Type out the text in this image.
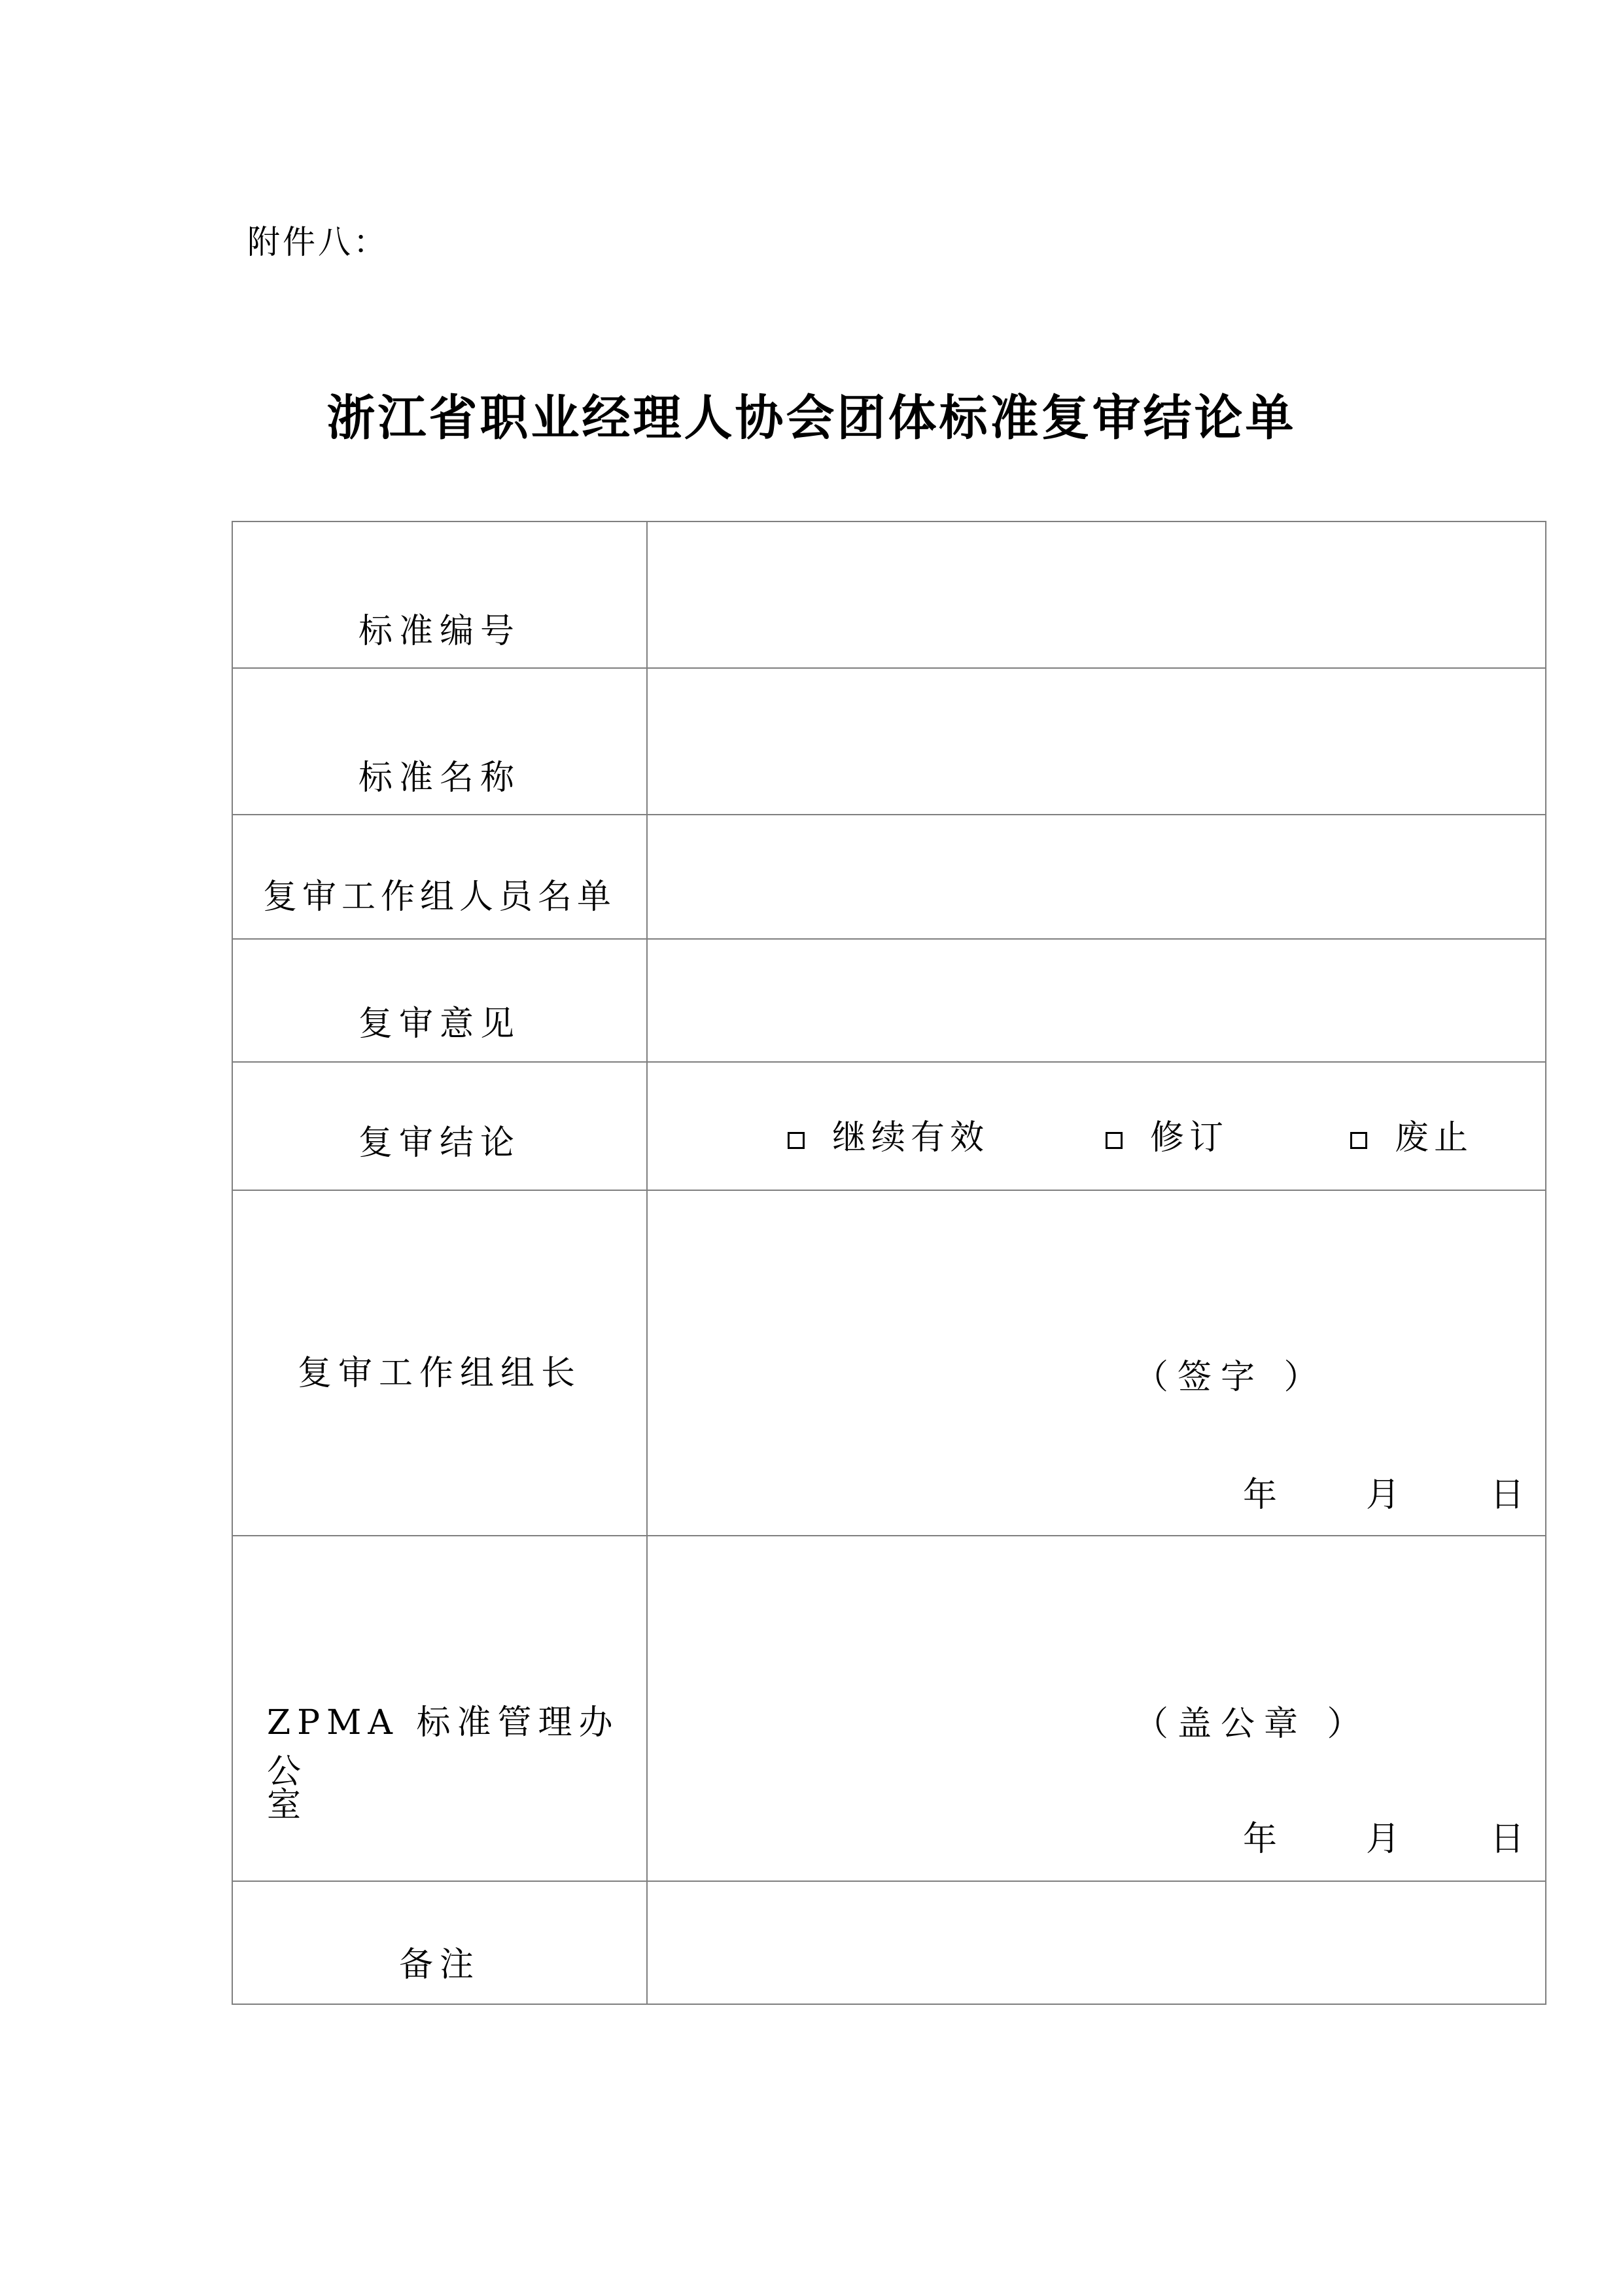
附件八：
浙江省职业经理人协会团体标准复审结论单
标准编号	

标准名称	

复审工作组人员名单	

复审意见	

复审结论	继续有效 修订 废止

复审工作组组长	（签字 ）
年 月 日

ZPMA 标准管理办公
室	（盖公章 ）
年 月 日

备注	
